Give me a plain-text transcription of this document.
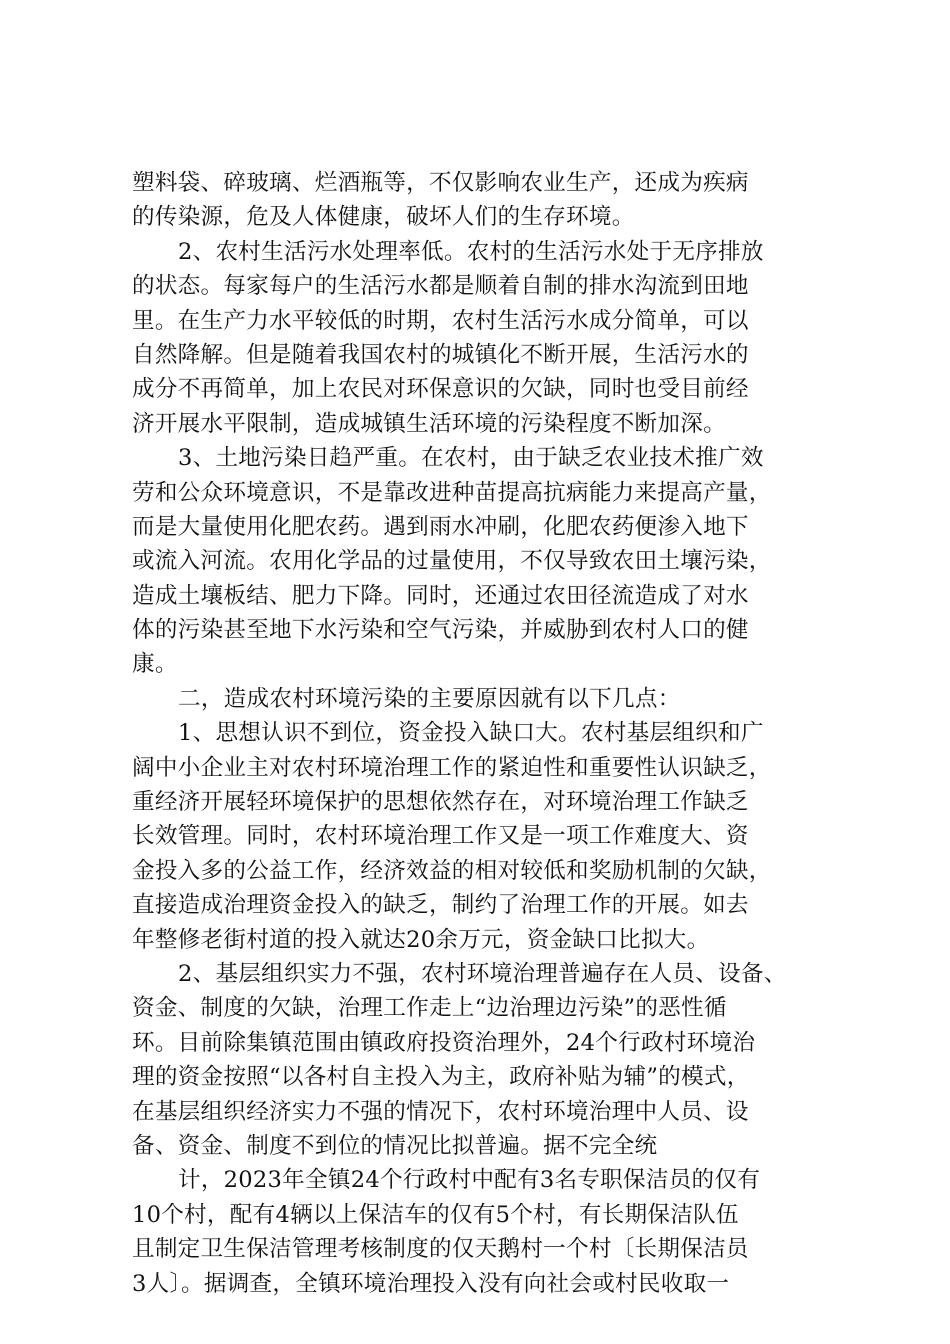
塑料袋、碎玻璃、烂酒瓶等，不仅影响农业生产，还成为疾病
的传染源，危及人体健康，破坏人们的生存环境。
2、农村生活污水处理率低。农村的生活污水处于无序排放
的状态。每家每户的生活污水都是顺着自制的排水沟流到田地
里。在生产力水平较低的时期，农村生活污水成分简单，可以
自然降解。但是随着我国农村的城镇化不断开展，生活污水的
成分不再简单，加上农民对环保意识的欠缺，同时也受目前经
济开展水平限制，造成城镇生活环境的污染程度不断加深。
3、土地污染日趋严重。在农村，由于缺乏农业技术推广效
劳和公众环境意识，不是靠改进种苗提高抗病能力来提高产量，
而是大量使用化肥农药。遇到雨水冲刷，化肥农药便渗入地下
或流入河流。农用化学品的过量使用，不仅导致农田土壤污染，
造成土壤板结、肥力下降。同时，还通过农田径流造成了对水
体的污染甚至地下水污染和空气污染，并威胁到农村人口的健
康。
二，造成农村环境污染的主要原因就有以下几点：
1、思想认识不到位，资金投入缺口大。农村基层组织和广
阔中小企业主对农村环境治理工作的紧迫性和重要性认识缺乏，
重经济开展轻环境保护的思想依然存在，对环境治理工作缺乏
长效管理。同时，农村环境治理工作又是一项工作难度大、资
金投入多的公益工作，经济效益的相对较低和奖励机制的欠缺，
直接造成治理资金投入的缺乏，制约了治理工作的开展。如去
年整修老街村道的投入就达20余万元，资金缺口比拟大。
2、基层组织实力不强，农村环境治理普遍存在人员、设备、
资金、制度的欠缺，治理工作走上“边治理边污染”的恶性循
环。目前除集镇范围由镇政府投资治理外，24个行政村环境治
理的资金按照“以各村自主投入为主，政府补贴为辅”的模式，
在基层组织经济实力不强的情况下，农村环境治理中人员、设
备、资金、制度不到位的情况比拟普遍。据不完全统
计，2023年全镇24个行政村中配有3名专职保洁员的仅有
10个村，配有4辆以上保洁车的仅有5个村，有长期保洁队伍
且制定卫生保洁管理考核制度的仅天鹅村一个村〔长期保洁员
3人〕。据调查，全镇环境治理投入没有向社会或村民收取一
